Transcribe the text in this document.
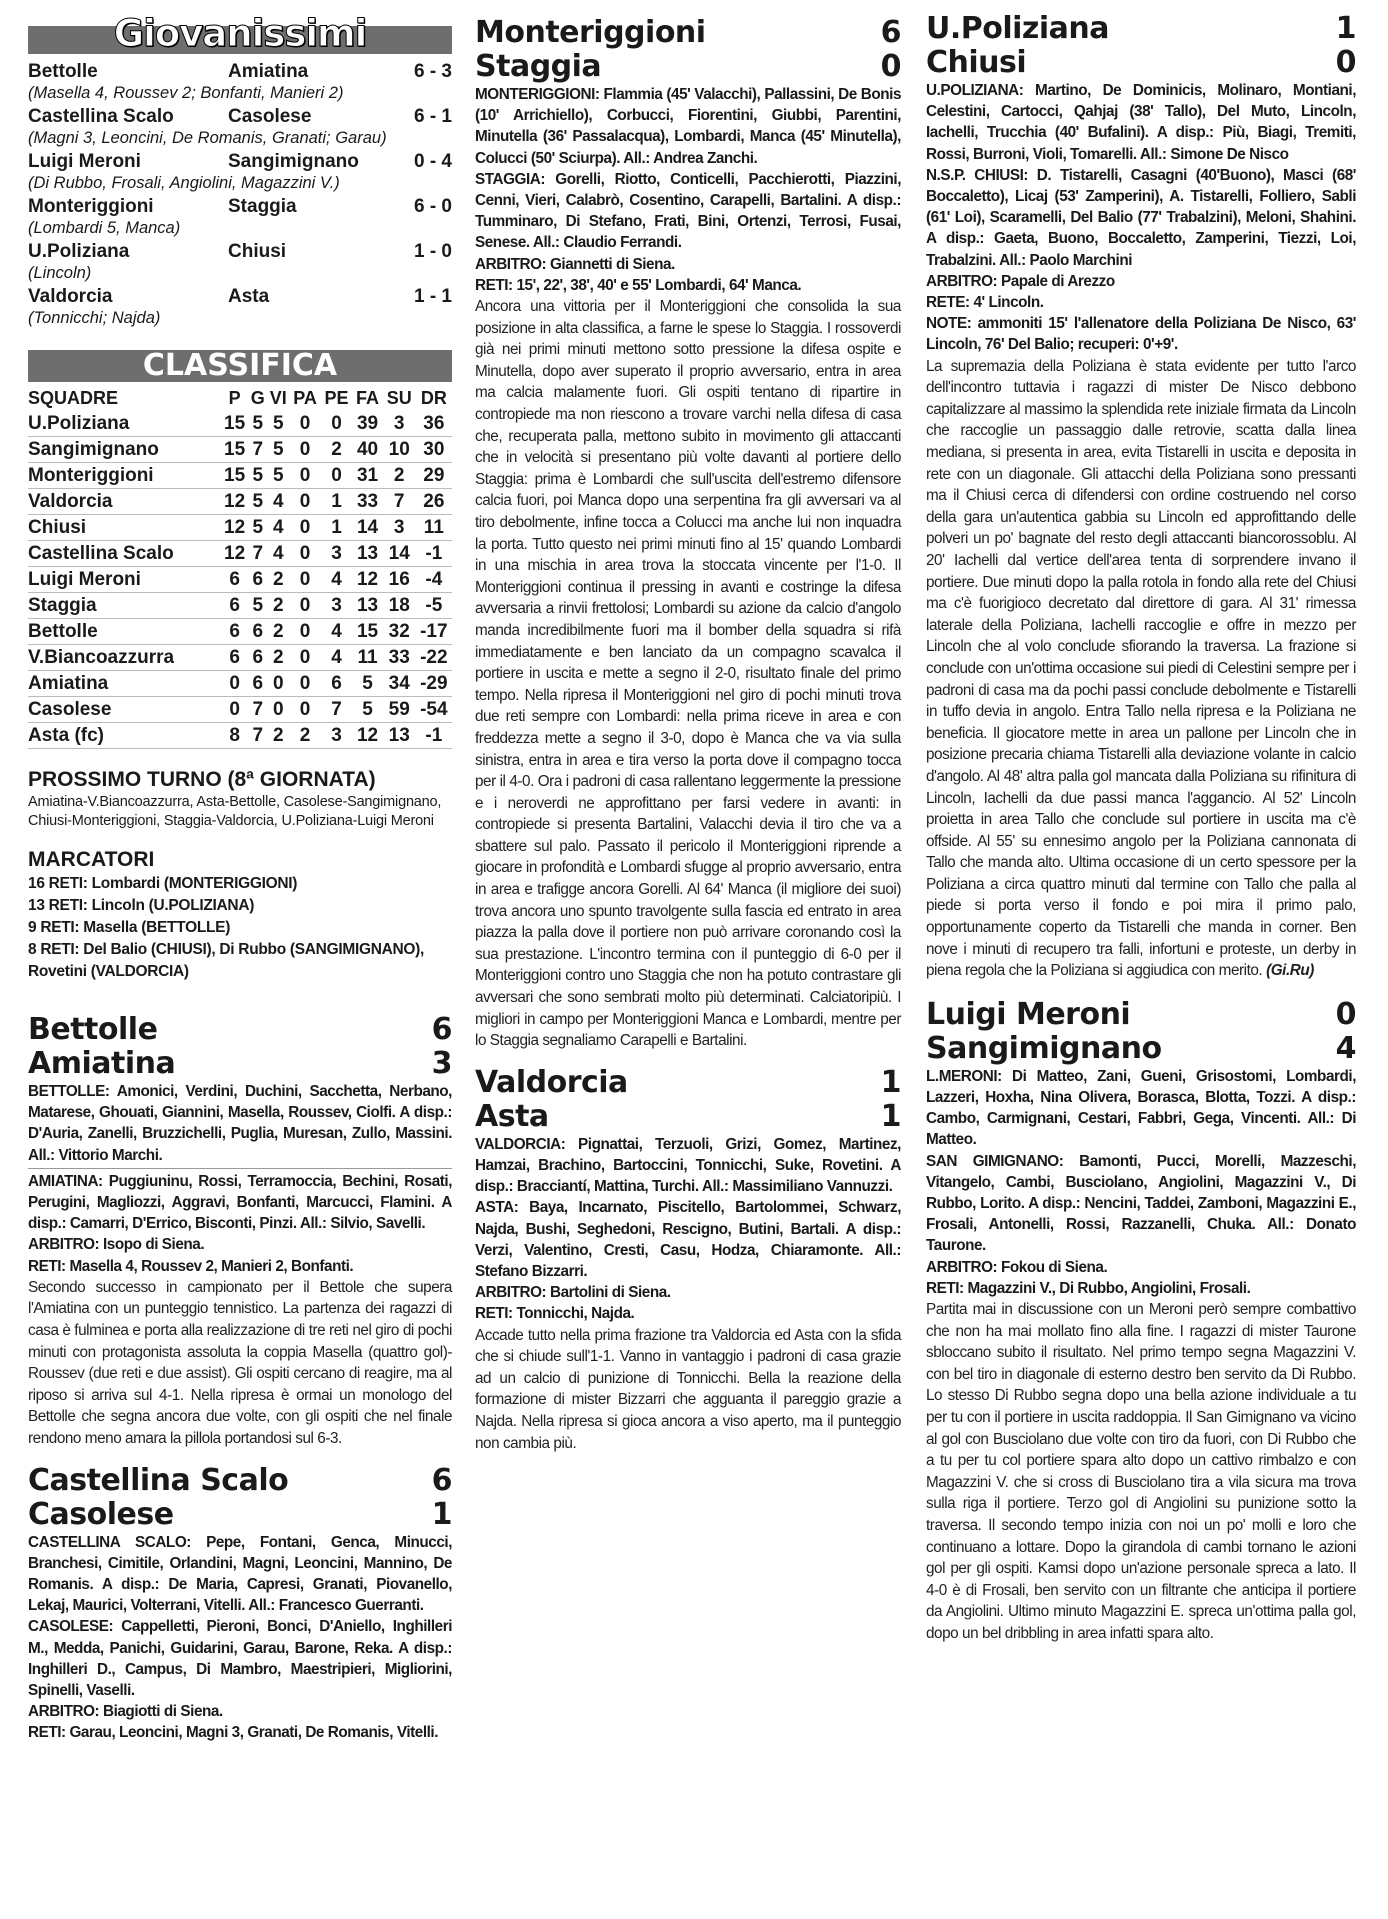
Giovanissimi
Bettolle	Amiatina	6 - 3
(Masella 4, Roussev 2; Bonfanti, Manieri 2)
Castellina Scalo	Casolese	6 - 1
(Magni 3, Leoncini, De Romanis, Granati; Garau)
Luigi Meroni	Sangimignano	0 - 4
(Di Rubbo, Frosali, Angiolini, Magazzini V.)
Monteriggioni	Staggia	6 - 0
(Lombardi 5, Manca)
U.Poliziana	Chiusi	1 - 0
(Lincoln)
Valdorcia	Asta	1 - 1
(Tonnicchi; Najda)
CLASSIFICA
SQUADRE	P	G	VI	PA	PE	FA	SU	DR
U.Poliziana	15	5	5	0	0	39	3	36
Sangimignano	15	7	5	0	2	40	10	30
Monteriggioni	15	5	5	0	0	31	2	29
Valdorcia	12	5	4	0	1	33	7	26
Chiusi	12	5	4	0	1	14	3	11
Castellina Scalo	12	7	4	0	3	13	14	-1
Luigi Meroni	6	6	2	0	4	12	16	-4
Staggia	6	5	2	0	3	13	18	-5
Bettolle	6	6	2	0	4	15	32	-17
V.Biancoazzurra	6	6	2	0	4	11	33	-22
Amiatina	0	6	0	0	6	5	34	-29
Casolese	0	7	0	0	7	5	59	-54
Asta (fc)	8	7	2	2	3	12	13	-1
PROSSIMO TURNO (8ª GIORNATA)
Amiatina-V.Biancoazzurra, Asta-Bettolle, Casolese-Sangimignano, Chiusi-Monteriggioni, Staggia-Valdorcia, U.Poliziana-Luigi Meroni
MARCATORI
16 RETI: Lombardi (MONTERIGGIONI)
13 RETI: Lincoln (U.POLIZIANA)
9 RETI: Masella (BETTOLLE)
8 RETI: Del Balio (CHIUSI), Di Rubbo (SANGIMIGNANO), Rovetini (VALDORCIA)
Bettolle	6
Amiatina	3
BETTOLLE: Amonici, Verdini, Duchini, Sacchetta, Nerbano, Matarese, Ghouati, Giannini, Masella, Roussev, Ciolfi. A disp.: D'Auria, Zanelli, Bruzzichelli, Puglia, Muresan, Zullo, Massini. All.: Vittorio Marchi.
AMIATINA: Puggiuninu, Rossi, Terramoccia, Bechini, Rosati, Perugini, Magliozzi, Aggravi, Bonfanti, Marcucci, Flamini. A disp.: Camarri, D'Errico, Bisconti, Pinzi. All.: Silvio, Savelli.
ARBITRO: Isopo di Siena.
RETI: Masella 4, Roussev 2, Manieri 2, Bonfanti.
Secondo successo in campionato per il Bettole che supera l'Amiatina con un punteggio tennistico. La partenza dei ragazzi di casa è fulminea e porta alla realizzazione di tre reti nel giro di pochi minuti con protagonista assoluta la coppia Masella (quattro gol)-Roussev (due reti e due assist). Gli ospiti cercano di reagire, ma al riposo si arriva sul 4-1. Nella ripresa è ormai un monologo del Bettolle che segna ancora due volte, con gli ospiti che nel finale rendono meno amara la pillola portandosi sul 6-3.
Castellina Scalo	6
Casolese	1
CASTELLINA SCALO: Pepe, Fontani, Genca, Minucci, Branchesi, Cimitile, Orlandini, Magni, Leoncini, Mannino, De Romanis. A disp.: De Maria, Capresi, Granati, Piovanello, Lekaj, Maurici, Volterrani, Vitelli. All.: Francesco Guerranti.
CASOLESE: Cappelletti, Pieroni, Bonci, D'Aniello, Inghilleri M., Medda, Panichi, Guidarini, Garau, Barone, Reka. A disp.: Inghilleri D., Campus, Di Mambro, Maestripieri, Migliorini, Spinelli, Vaselli.
ARBITRO: Biagiotti di Siena.
RETI: Garau, Leoncini, Magni 3, Granati, De Romanis, Vitelli.
Monteriggioni	6
Staggia	0
MONTERIGGIONI: Flammia (45' Valacchi), Pallassini, De Bonis (10' Arrichiello), Corbucci, Fiorentini, Giubbi, Parentini, Minutella (36' Passalacqua), Lombardi, Manca (45' Minutella), Colucci (50' Sciurpa). All.: Andrea Zanchi.
STAGGIA: Gorelli, Riotto, Conticelli, Pacchierotti, Piazzini, Cenni, Vieri, Calabrò, Cosentino, Carapelli, Bartalini. A disp.: Tumminaro, Di Stefano, Frati, Bini, Ortenzi, Terrosi, Fusai, Senese. All.: Claudio Ferrandi.
ARBITRO: Giannetti di Siena.
RETI: 15', 22', 38', 40' e 55' Lombardi, 64' Manca.
Ancora una vittoria per il Monteriggioni che consolida la sua posizione in alta classifica, a farne le spese lo Staggia. I rossoverdi già nei primi minuti mettono sotto pressione la difesa ospite e Minutella, dopo aver superato il proprio avversario, entra in area ma calcia malamente fuori. Gli ospiti tentano di ripartire in contropiede ma non riescono a trovare varchi nella difesa di casa che, recuperata palla, mettono subito in movimento gli attaccanti che in velocità si presentano più volte davanti al portiere dello Staggia: prima è Lombardi che sull'uscita dell'estremo difensore calcia fuori, poi Manca dopo una serpentina fra gli avversari va al tiro debolmente, infine tocca a Colucci ma anche lui non inquadra la porta. Tutto questo nei primi minuti fino al 15' quando Lombardi in una mischia in area trova la stoccata vincente per l'1-0. Il Monteriggioni continua il pressing in avanti e costringe la difesa avversaria a rinvii frettolosi; Lombardi su azione da calcio d'angolo manda incredibilmente fuori ma il bomber della squadra si rifà immediatamente e ben lanciato da un compagno scavalca il portiere in uscita e mette a segno il 2-0, risultato finale del primo tempo. Nella ripresa il Monteriggioni nel giro di pochi minuti trova due reti sempre con Lombardi: nella prima riceve in area e con freddezza mette a segno il 3-0, dopo è Manca che va via sulla sinistra, entra in area e tira verso la porta dove il compagno tocca per il 4-0. Ora i padroni di casa rallentano leggermente la pressione e i neroverdi ne approfittano per farsi vedere in avanti: in contropiede si presenta Bartalini, Valacchi devia il tiro che va a sbattere sul palo. Passato il pericolo il Monteriggioni riprende a giocare in profondità e Lombardi sfugge al proprio avversario, entra in area e trafigge ancora Gorelli. Al 64' Manca (il migliore dei suoi) trova ancora uno spunto travolgente sulla fascia ed entrato in area piazza la palla dove il portiere non può arrivare coronando così la sua prestazione. L'incontro termina con il punteggio di 6-0 per il Monteriggioni contro uno Staggia che non ha potuto contrastare gli avversari che sono sembrati molto più determinati. Calciatoripiù. I migliori in campo per Monteriggioni Manca e Lombardi, mentre per lo Staggia segnaliamo Carapelli e Bartalini.
Valdorcia	1
Asta	1
VALDORCIA: Pignattai, Terzuoli, Grizi, Gomez, Martinez, Hamzai, Brachino, Bartoccini, Tonnicchi, Suke, Rovetini. A disp.: Bracciantí, Mattina, Turchi. All.: Massimiliano Vannuzzi.
ASTA: Baya, Incarnato, Piscitello, Bartolommei, Schwarz, Najda, Bushi, Seghedoni, Rescigno, Butini, Bartali. A disp.: Verzi, Valentino, Cresti, Casu, Hodza, Chiaramonte. All.: Stefano Bizzarri.
ARBITRO: Bartolini di Siena.
RETI: Tonnicchi, Najda.
Accade tutto nella prima frazione tra Valdorcia ed Asta con la sfida che si chiude sull'1-1. Vanno in vantaggio i padroni di casa grazie ad un calcio di punizione di Tonnicchi. Bella la reazione della formazione di mister Bizzarri che agguanta il pareggio grazie a Najda. Nella ripresa si gioca ancora a viso aperto, ma il punteggio non cambia più.
U.Poliziana	1
Chiusi	0
U.POLIZIANA: Martino, De Dominicis, Molinaro, Montiani, Celestini, Cartocci, Qahjaj (38' Tallo), Del Muto, Lincoln, Iachelli, Trucchia (40' Bufalini). A disp.: Più, Biagi, Tremiti, Rossi, Burroni, Violi, Tomarelli. All.: Simone De Nisco
N.S.P. CHIUSI: D. Tistarelli, Casagni (40'Buono), Masci (68' Boccaletto), Licaj (53' Zamperini), A. Tistarelli, Folliero, Sabli (61' Loi), Scaramelli, Del Balio (77' Trabalzini), Meloni, Shahini. A disp.: Gaeta, Buono, Boccaletto, Zamperini, Tiezzi, Loi, Trabalzini. All.: Paolo Marchini
ARBITRO: Papale di Arezzo
RETE: 4' Lincoln.
NOTE: ammoniti 15' l'allenatore della Poliziana De Nisco, 63' Lincoln, 76' Del Balio; recuperi: 0'+9'.
La supremazia della Poliziana è stata evidente per tutto l'arco dell'incontro tuttavia i ragazzi di mister De Nisco debbono capitalizzare al massimo la splendida rete iniziale firmata da Lincoln che raccoglie un passaggio dalle retrovie, scatta dalla linea mediana, si presenta in area, evita Tistarelli in uscita e deposita in rete con un diagonale. Gli attacchi della Poliziana sono pressanti ma il Chiusi cerca di difendersi con ordine costruendo nel corso della gara un'autentica gabbia su Lincoln ed approfittando delle polveri un po' bagnate del resto degli attaccanti biancorossoblu. Al 20' Iachelli dal vertice dell'area tenta di sorprendere invano il portiere. Due minuti dopo la palla rotola in fondo alla rete del Chiusi ma c'è fuorigioco decretato dal direttore di gara. Al 31' rimessa laterale della Poliziana, Iachelli raccoglie e offre in mezzo per Lincoln che al volo conclude sfiorando la traversa. La frazione si conclude con un'ottima occasione sui piedi di Celestini sempre per i padroni di casa ma da pochi passi conclude debolmente e Tistarelli in tuffo devia in angolo. Entra Tallo nella ripresa e la Poliziana ne beneficia. Il giocatore mette in area un pallone per Lincoln che in posizione precaria chiama Tistarelli alla deviazione volante in calcio d'angolo. Al 48' altra palla gol mancata dalla Poliziana su rifinitura di Lincoln, Iachelli da due passi manca l'aggancio. Al 52' Lincoln proietta in area Tallo che conclude sul portiere in uscita ma c'è offside. Al 55' su ennesimo angolo per la Poliziana cannonata di Tallo che manda alto. Ultima occasione di un certo spessore per la Poliziana a circa quattro minuti dal termine con Tallo che palla al piede si porta verso il fondo e poi mira il primo palo, opportunamente coperto da Tistarelli che manda in corner. Ben nove i minuti di recupero tra falli, infortuni e proteste, un derby in piena regola che la Poliziana si aggiudica con merito. (Gi.Ru)
Luigi Meroni	0
Sangimignano	4
L.MERONI: Di Matteo, Zani, Gueni, Grisostomi, Lombardi, Lazzeri, Hoxha, Nina Olivera, Borasca, Blotta, Tozzi. A disp.: Cambo, Carmignani, Cestari, Fabbri, Gega, Vincenti. All.: Di Matteo.
SAN GIMIGNANO: Bamonti, Pucci, Morelli, Mazzeschi, Vitangelo, Cambi, Busciolano, Angiolini, Magazzini V., Di Rubbo, Lorito. A disp.: Nencini, Taddei, Zamboni, Magazzini E., Frosali, Antonelli, Rossi, Razzanelli, Chuka. All.: Donato Taurone.
ARBITRO: Fokou di Siena.
RETI: Magazzini V., Di Rubbo, Angiolini, Frosali.
Partita mai in discussione con un Meroni però sempre combattivo che non ha mai mollato fino alla fine. I ragazzi di mister Taurone sbloccano subito il risultato. Nel primo tempo segna Magazzini V. con bel tiro in diagonale di esterno destro ben servito da Di Rubbo. Lo stesso Di Rubbo segna dopo una bella azione individuale a tu per tu con il portiere in uscita raddoppia. Il San Gimignano va vicino al gol con Busciolano due volte con tiro da fuori, con Di Rubbo che a tu per tu col portiere spara alto dopo un cattivo rimbalzo e con Magazzini V. che si cross di Busciolano tira a vila sicura ma trova sulla riga il portiere. Terzo gol di Angiolini su punizione sotto la traversa. Il secondo tempo inizia con noi un po' molli e loro che continuano a lottare. Dopo la girandola di cambi tornano le azioni gol per gli ospiti. Kamsi dopo un'azione personale spreca a lato. Il 4-0 è di Frosali, ben servito con un filtrante che anticipa il portiere da Angiolini. Ultimo minuto Magazzini E. spreca un'ottima palla gol, dopo un bel dribbling in area infatti spara alto.
